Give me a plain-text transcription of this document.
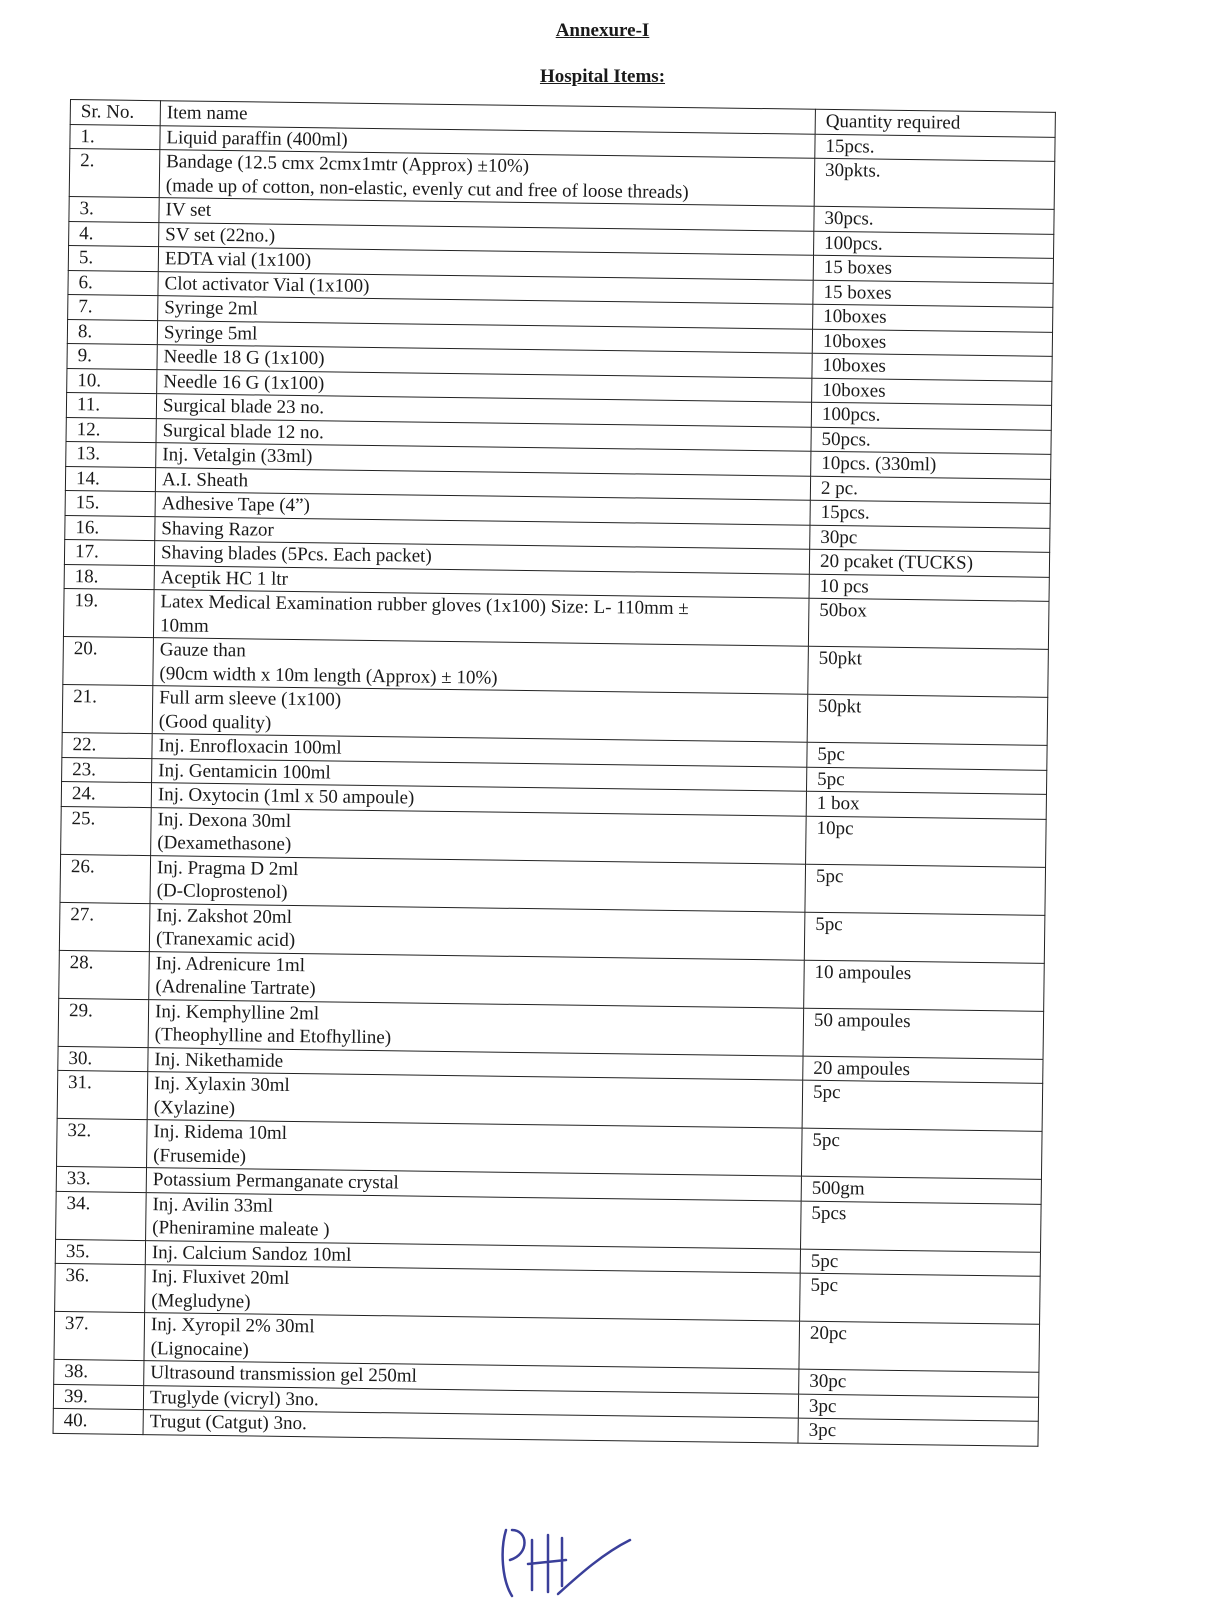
Annexure-I
Hospital Items:
Sr. No.	Item name	Quantity required
1.	Liquid paraffin (400ml)	15pcs.
2.	Bandage (12.5 cmx 2cmx1mtr (Approx) ±10%)
(made up of cotton, non-elastic, evenly cut and free of loose threads)	30pkts.
3.	IV set	30pcs.
4.	SV set (22no.)	100pcs.
5.	EDTA vial (1x100)	15 boxes
6.	Clot activator Vial (1x100)	15 boxes
7.	Syringe 2ml	10boxes
8.	Syringe 5ml	10boxes
9.	Needle 18 G (1x100)	10boxes
10.	Needle 16 G (1x100)	10boxes
11.	Surgical blade 23 no.	100pcs.
12.	Surgical blade 12 no.	50pcs.
13.	Inj. Vetalgin (33ml)	10pcs. (330ml)
14.	A.I. Sheath	2 pc.
15.	Adhesive Tape (4”)	15pcs.
16.	Shaving Razor	30pc
17.	Shaving blades (5Pcs. Each packet)	20 pcaket (TUCKS)
18.	Aceptik HC 1 ltr	10 pcs
19.	Latex Medical Examination rubber gloves (1x100) Size: L- 110mm ±
10mm	50box
20.	Gauze than
(90cm width x 10m length (Approx) ± 10%)	50pkt
21.	Full arm sleeve (1x100)
(Good quality)	50pkt
22.	Inj. Enrofloxacin 100ml	5pc
23.	Inj. Gentamicin 100ml	5pc
24.	Inj. Oxytocin (1ml x 50 ampoule)	1 box
25.	Inj. Dexona 30ml
(Dexamethasone)	10pc
26.	Inj. Pragma D 2ml
(D-Cloprostenol)	5pc
27.	Inj. Zakshot 20ml
(Tranexamic acid)	5pc
28.	Inj. Adrenicure 1ml
(Adrenaline Tartrate)	10 ampoules
29.	Inj. Kemphylline 2ml
(Theophylline and Etofhylline)	50 ampoules
30.	Inj. Nikethamide	20 ampoules
31.	Inj. Xylaxin 30ml
(Xylazine)	5pc
32.	Inj. Ridema 10ml
(Frusemide)	5pc
33.	Potassium Permanganate crystal	500gm
34.	Inj. Avilin 33ml
(Pheniramine maleate )	5pcs
35.	Inj. Calcium Sandoz 10ml	5pc
36.	Inj. Fluxivet 20ml
(Megludyne)	5pc
37.	Inj. Xyropil 2% 30ml
(Lignocaine)	20pc
38.	Ultrasound transmission gel 250ml	30pc
39.	Truglyde (vicryl) 3no.	3pc
40.	Trugut (Catgut) 3no.	3pc
